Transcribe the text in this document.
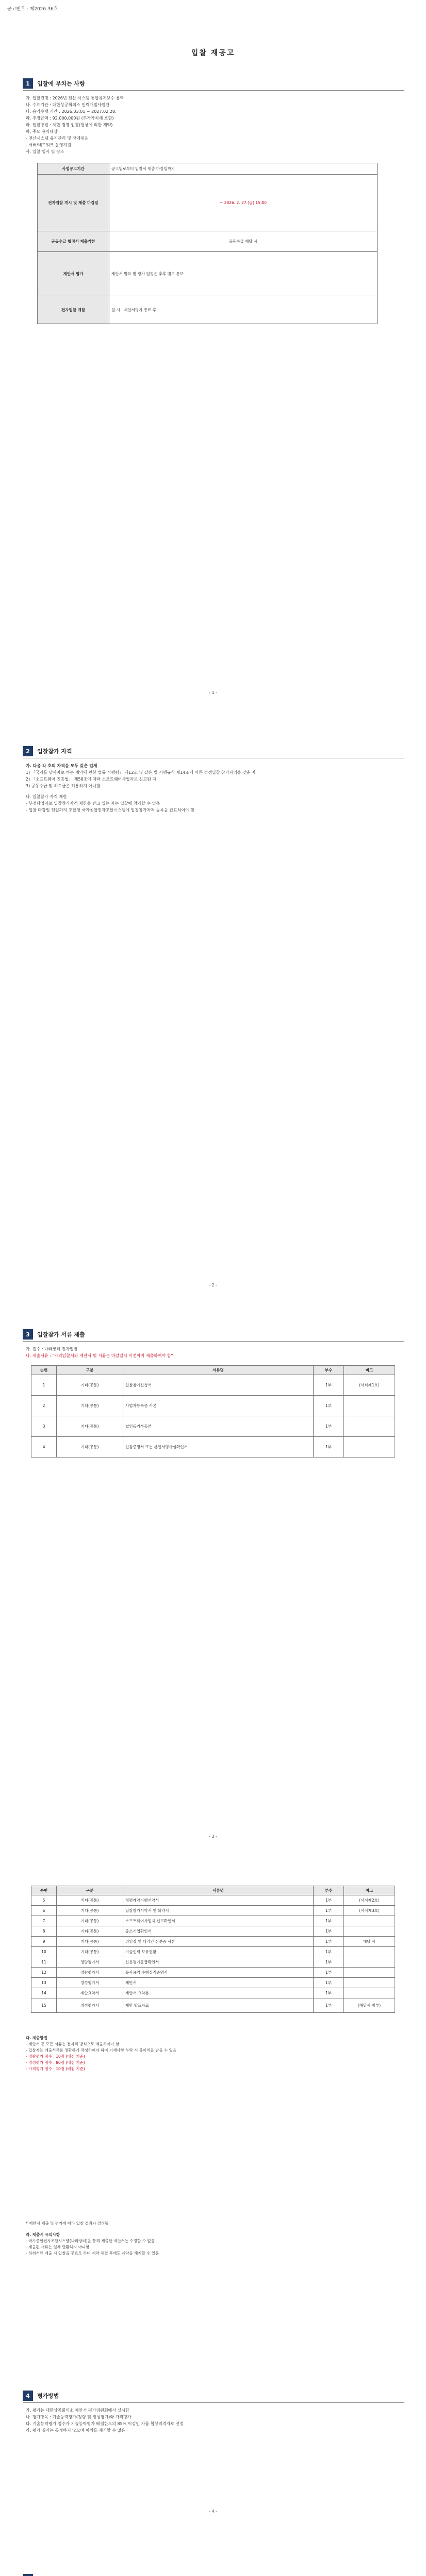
공고번호 : 제2026-36호
입찰 재공고
1	입찰에 부치는 사항
가. 입찰건명 : 2026년 전산 시스템 통합유지보수 용역
나. 수요기관 : 대한상공회의소 인력개발사업단
다. 용역수행 기간 : 2026.03.01 ~ 2027.02.28.
라. 추정금액 : 92,000,000원 (부가가치세 포함)
마. 입찰방법 : 제한 경쟁 입찰(협상에 의한 계약)
바. 주요 용역대상
- 전산시스템 유지관리 및 장애대응
- 서버/네트워크 운영지원
사. 입찰 일시 및 장소
사업공고기간	공고일로부터 입찰서 제출 마감일까지
전자입찰 개시 및 제출 마감일	~ 2026. 2. 27.(금) 15:00
공동수급 협정서 제출기한	공동수급 해당 시
제안서 평가	제안서 발표 및 평가 일정은 추후 별도 통보
전자입찰 개찰	일 시 : 제안서평가 종료 후
- 1 -
2	입찰참가 자격
가. 다음 각 호의 자격을 모두 갖춘 업체
1) 「국가를 당사자로 하는 계약에 관한 법률 시행령」 제12조 및 같은 법 시행규칙 제14조에 따른 경쟁입찰 참가자격을 갖춘 자
2) 「소프트웨어 진흥법」 제58조에 따라 소프트웨어사업자로 신고된 자
3) 공동수급 및 하도급은 허용하지 아니함
나. 입찰참가 자격 제한
- 부정당업자로 입찰참가자격 제한을 받고 있는 자는 입찰에 참가할 수 없음
- 입찰 마감일 전일까지 조달청 국가종합전자조달시스템에 입찰참가자격 등록을 완료하여야 함
- 2 -
3	입찰참가 서류 제출
가. 접수 : 나라장터 전자입찰
나. 제출서류 : "가격입찰서와 제안서 및 서류는 마감일시 이전까지 제출하여야 함"
순번	구분	서류명	부수	비고
1	기타(공통)	입찰참가신청서	1부	(서식제1호)
2	기타(공통)	사업자등록증 사본	1부	
3	기타(공통)	법인등기부등본	1부	
4	기타(공통)	인감증명서 또는 본인서명사실확인서	1부	
- 3 -
순번	구분	서류명	부수	비고
5	기타(공통)	청렴계약이행서약서	1부	(서식제2호)
6	기타(공통)	입찰참가서약서 및 확약서	1부	(서식제3호)
7	기타(공통)	소프트웨어사업자 신고확인서	1부	
8	기타(공통)	중소기업확인서	1부	
9	기타(공통)	위임장 및 대리인 신분증 사본	1부	해당 시
10	기타(공통)	기술인력 보유현황	1부	
11	정량평가서	신용평가등급확인서	1부	
12	정량평가서	유사용역 수행실적증명서	1부	
13	정성평가서	제안서	1부	
14	제안요약서	제안서 요약본	1부	
15	정성평가서	제안 발표자료	1부	(해당시 첨부)
다. 제출방법
- 제안서 등 모든 서류는 전자적 방식으로 제출하여야 함
- 입찰자는 제출서류를 정확하게 작성하여야 하며 기재사항 누락 시 불이익을 받을 수 있음
- 정량평가 점수 : 10점 (배점 기준)
- 정성평가 점수 : 80점 (배점 기준)
- 가격평가 점수 : 10점 (배점 기준)
* 제안서 제출 및 평가에 따라 입찰 결과가 결정됨
라. 제출시 유의사항
- 국가종합전자조달시스템(나라장터)을 통해 제출한 제안서는 수정할 수 없음
- 제출된 서류는 일체 반환하지 아니함
- 허위서류 제출 시 입찰을 무효로 하며 계약 체결 후에도 계약을 해지할 수 있음
4	평가방법
가. 평가는 대한상공회의소 제안서 평가위원회에서 실시함
나. 평가항목 : 기술능력평가(정량 및 정성평가)와 가격평가
다. 기술능력평가 점수가 기술능력평가 배점한도의 85% 이상인 자를 협상적격자로 선정
라. 평가 결과는 공개하지 않으며 이의를 제기할 수 없음
- 4 -
